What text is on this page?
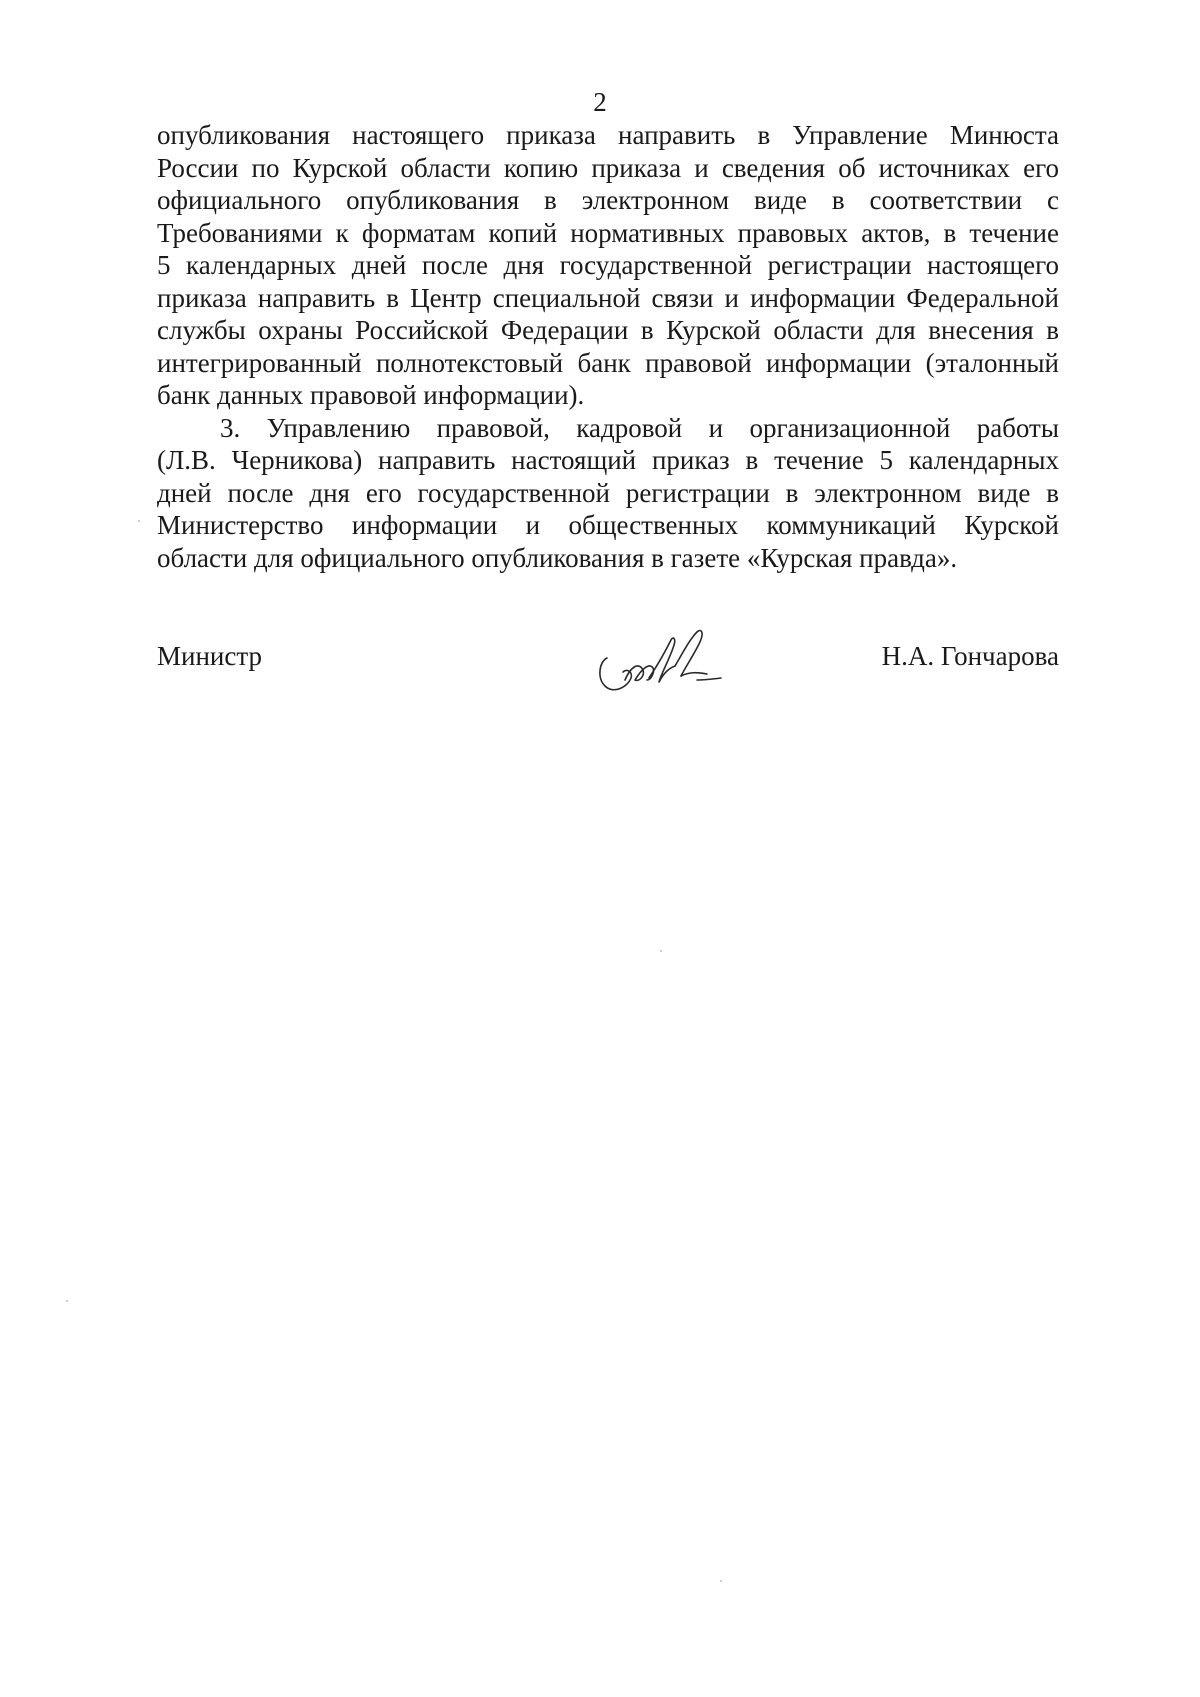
2
опубликования настоящего приказа направить в Управление Минюста
России по Курской области копию приказа и сведения об источниках его
официального опубликования в электронном виде в соответствии с
Требованиями к форматам копий нормативных правовых актов, в течение
5 календарных дней после дня государственной регистрации настоящего
приказа направить в Центр специальной связи и информации Федеральной
службы охраны Российской Федерации в Курской области для внесения в
интегрированный полнотекстовый банк правовой информации (эталонный
банк данных правовой информации).
3. Управлению правовой, кадровой и организационной работы
(Л.В. Черникова) направить настоящий приказ в течение 5 календарных
дней после дня его государственной регистрации в электронном виде в
Министерство информации и общественных коммуникаций Курской
области для официального опубликования в газете «Курская правда».
Министр	Н.А. Гончарова
